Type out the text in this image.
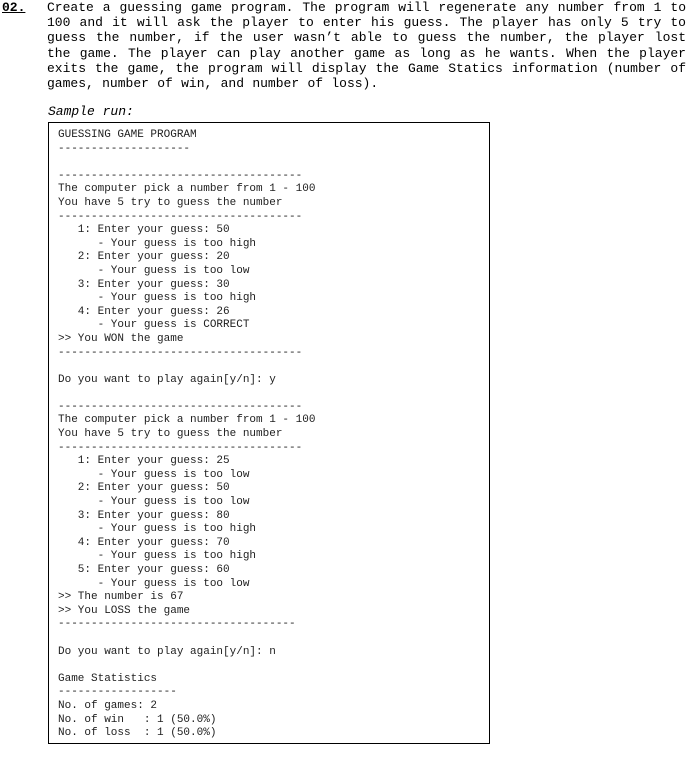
02. Create a guessing game program. The program will regenerate any number from 1 to 100 and it will ask the player to enter his guess. The player has only 5 try to guess the number, if the user wasn’t able to guess the number, the player lost the game. The player can play another game as long as he wants. When the player exits the game, the program will display the Game Statics information (number of games, number of win, and number of loss).
Sample run:
GUESSING GAME PROGRAM
--------------------
-------------------------------------
The computer pick a number from 1 - 100
You have 5 try to guess the number
-------------------------------------
1: Enter your guess: 50
- Your guess is too high
2: Enter your guess: 20
- Your guess is too low
3: Enter your guess: 30
- Your guess is too high
4: Enter your guess: 26
- Your guess is CORRECT
>> You WON the game
-------------------------------------
Do you want to play again[y/n]: y
-------------------------------------
The computer pick a number from 1 - 100
You have 5 try to guess the number
-------------------------------------
1: Enter your guess: 25
- Your guess is too low
2: Enter your guess: 50
- Your guess is too low
3: Enter your guess: 80
- Your guess is too high
4: Enter your guess: 70
- Your guess is too high
5: Enter your guess: 60
- Your guess is too low
>> The number is 67
>> You LOSS the game
------------------------------------
Do you want to play again[y/n]: n
Game Statistics
------------------
No. of games: 2
No. of win   : 1 (50.0%)
No. of loss  : 1 (50.0%)
